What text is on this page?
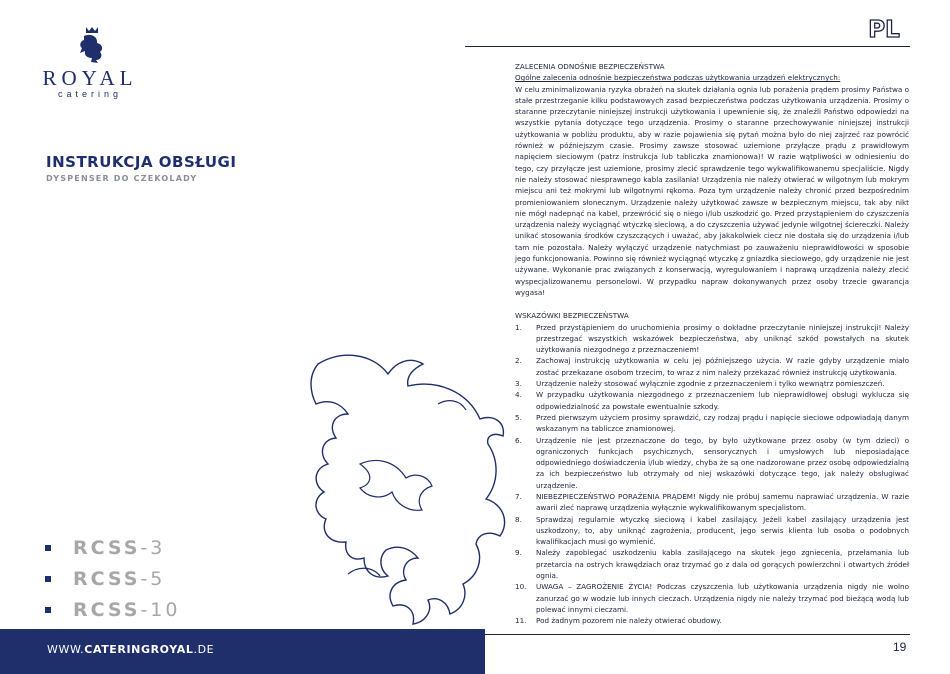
ROYAL
catering
INSTRUKCJA OBSŁUGI
DYSPENSER DO CZEKOLADY
RCSS-3
RCSS-5
RCSS-10
WWW.CATERINGROYAL.DE
PL
19

ZALECENIA ODNOŚNIE BEZPIECZEŃSTWA

Ogólne zalecenia odnośnie bezpieczeństwa podczas użytkowania urządzeń elektrycznych:

W celu zminimalizowania ryzyka obrażeń na skutek działania ognia lub porażenia prądem prosimy Państwa o stałe przestrzeganie kilku podstawowych zasad bezpieczeństwa podczas użytkowania urządzenia. Prosimy o staranne przeczytanie niniejszej instrukcji użytkowania i upewnienie się, że znaleźli Państwo odpowiedzi na wszystkie pytania dotyczące tego urządzenia. Prosimy o staranne przechowywanie niniejszej instrukcji użytkowania w pobliżu produktu, aby w razie pojawienia się pytań można było do niej zajrzeć raz powrócić również w późniejszym czasie. Prosimy zawsze stosować uziemione przyłącze prądu z prawidłowym napięciem sieciowym (patrz instrukcja lub tabliczka znamionowa)! W razie wątpliwości w odniesieniu do tego, czy przyłącze jest uziemione, prosimy zlecić sprawdzenie tego wykwalifikowanemu specjaliście. Nigdy nie należy stosować niesprawnego kabla zasilania! Urządzenia nie należy otwierać w wilgotnym lub mokrym miejscu ani też mokrymi lub wilgotnymi rękoma. Poza tym urządzenie należy chronić przed bezpośrednim promieniowaniem słonecznym. Urządzenie należy użytkować zawsze w bezpiecznym miejscu, tak aby nikt nie mógł nadepnąć na kabel, przewrócić się o niego i/lub uszkodzić go. Przed przystąpieniem do czyszczenia urządzenia należy wyciągnąć wtyczkę sieciową, a do czyszczenia używać jedynie wilgotnej ściereczki. Należy unikać stosowania środków czyszczących i uważać, aby jakakolwiek ciecz nie dostała się do urządzenia i/lub tam nie pozostała. Należy wyłączyć urządzenie natychmiast po zauważeniu nieprawidłowości w sposobie jego funkcjonowania. Powinno się również wyciągnąć wtyczkę z gniazdka sieciowego, gdy urządzenie nie jest używane. Wykonanie prac związanych z konserwacją, wyregulowaniem i naprawą urządzenia należy zlecić wyspecjalizowanemu personelowi. W przypadku napraw dokonywanych przez osoby trzecie gwarancja wygasa!

WSKAZÓWKI BEZPIECZEŃSTWA

1.	Przed przystąpieniem do uruchomienia prosimy o dokładne przeczytanie niniejszej instrukcji! Należy przestrzegać wszystkich wskazówek bezpieczeństwa, aby uniknąć szkód powstałych na skutek użytkowania niezgodnego z przeznaczeniem!
2.	Zachowaj instrukcję użytkowania w celu jej późniejszego użycia. W razie gdyby urządzenie miało zostać przekazane osobom trzecim, to wraz z nim należy przekazać również instrukcję użytkowania.
3.	Urządzenie należy stosować wyłącznie zgodnie z przeznaczeniem i tylko wewnątrz pomieszczeń.
4.	W przypadku użytkowania niezgodnego z przeznaczeniem lub nieprawidłowej obsługi wyklucza się odpowiedzialność za powstałe ewentualnie szkody.
5.	Przed pierwszym użyciem prosimy sprawdzić, czy rodzaj prądu i napięcie sieciowe odpowiadają danym wskazanym na tabliczce znamionowej.
6.	Urządzenie nie jest przeznaczone do tego, by było użytkowane przez osoby (w tym dzieci) o ograniczonych funkcjach psychicznych, sensorycznych i umysłowych lub nieposiadające odpowiedniego doświadczenia i/lub wiedzy, chyba że są one nadzorowane przez osobę odpowiedzialną za ich bezpieczeństwo lub otrzymały od niej wskazówki dotyczące tego, jak należy obsługiwać urządzenie.
7.	NIEBEZPIECZEŃSTWO PORAŻENIA PRĄDEM! Nigdy nie próbuj samemu naprawiać urządzenia. W razie awarii zleć naprawę urządzenia wyłącznie wykwalifikowanym specjalistom.
8.	Sprawdzaj regularnie wtyczkę sieciową i kabel zasilający. Jeżeli kabel zasilający urządzenia jest uszkodzony, to, aby uniknąć zagrożenia, producent, jego serwis klienta lub osoba o podobnych kwalifikacjach musi go wymienić.
9.	Należy zapobiegać uszkodzeniu kabla zasilającego na skutek jego zgniecenia, przełamania lub przetarcia na ostrych krawędziach oraz trzymać go z dala od gorących powierzchni i otwartych źródeł ognia.
10.	UWAGA – ZAGROŻENIE ŻYCIA! Podczas czyszczenia lub użytkowania urządzenia nigdy nie wolno zanurzać go w wodzie lub innych cieczach. Urządzenia nigdy nie należy trzymać pod bieżącą wodą lub polewać innymi cieczami.
11.	Pod żadnym pozorem nie należy otwierać obudowy.
